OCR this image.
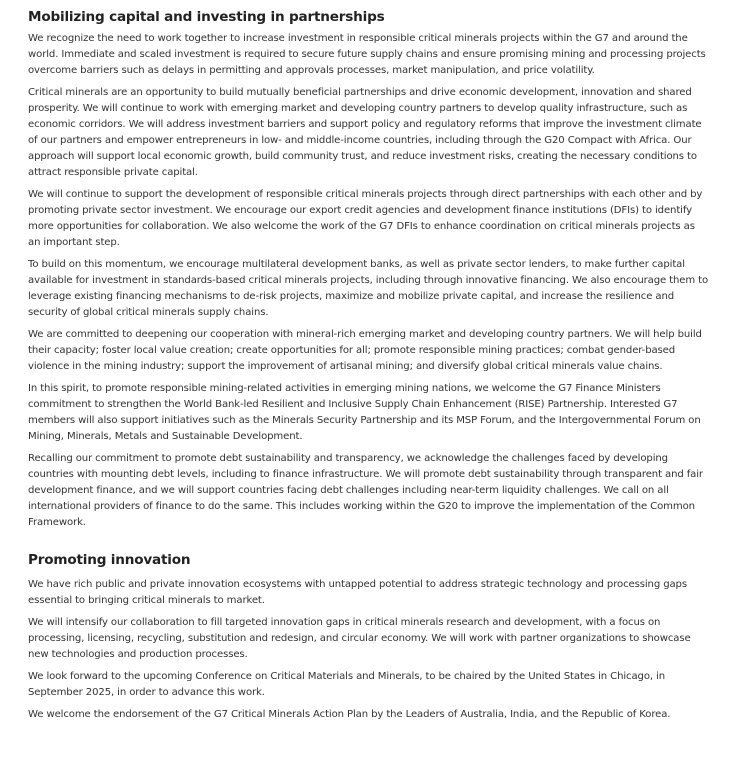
Mobilizing capital and investing in partnerships

We recognize the need to work together to increase investment in responsible critical minerals projects within the G7 and around the world. Immediate and scaled investment is required to secure future supply chains and ensure promising mining and processing projects overcome barriers such as delays in permitting and approvals processes, market manipulation, and price volatility.

Critical minerals are an opportunity to build mutually beneficial partnerships and drive economic development, innovation and shared prosperity. We will continue to work with emerging market and developing country partners to develop quality infrastructure, such as economic corridors. We will address investment barriers and support policy and regulatory reforms that improve the investment climate of our partners and empower entrepreneurs in low- and middle-income countries, including through the G20 Compact with Africa. Our approach will support local economic growth, build community trust, and reduce investment risks, creating the necessary conditions to attract responsible private capital.

We will continue to support the development of responsible critical minerals projects through direct partnerships with each other and by promoting private sector investment. We encourage our export credit agencies and development finance institutions (DFIs) to identify more opportunities for collaboration. We also welcome the work of the G7 DFIs to enhance coordination on critical minerals projects as an important step.

To build on this momentum, we encourage multilateral development banks, as well as private sector lenders, to make further capital available for investment in standards-based critical minerals projects, including through innovative financing. We also encourage them to leverage existing financing mechanisms to de-risk projects, maximize and mobilize private capital, and increase the resilience and security of global critical minerals supply chains.

We are committed to deepening our cooperation with mineral-rich emerging market and developing country partners. We will help build their capacity; foster local value creation; create opportunities for all; promote responsible mining practices; combat gender-based violence in the mining industry; support the improvement of artisanal mining; and diversify global critical minerals value chains.

In this spirit, to promote responsible mining-related activities in emerging mining nations, we welcome the G7 Finance Ministers commitment to strengthen the World Bank-led Resilient and Inclusive Supply Chain Enhancement (RISE) Partnership. Interested G7 members will also support initiatives such as the Minerals Security Partnership and its MSP Forum, and the Intergovernmental Forum on Mining, Minerals, Metals and Sustainable Development.

Recalling our commitment to promote debt sustainability and transparency, we acknowledge the challenges faced by developing countries with mounting debt levels, including to finance infrastructure. We will promote debt sustainability through transparent and fair development finance, and we will support countries facing debt challenges including near-term liquidity challenges. We call on all international providers of finance to do the same. This includes working within the G20 to improve the implementation of the Common Framework.

Promoting innovation

We have rich public and private innovation ecosystems with untapped potential to address strategic technology and processing gaps essential to bringing critical minerals to market.

We will intensify our collaboration to fill targeted innovation gaps in critical minerals research and development, with a focus on processing, licensing, recycling, substitution and redesign, and circular economy. We will work with partner organizations to showcase new technologies and production processes.

We look forward to the upcoming Conference on Critical Materials and Minerals, to be chaired by the United States in Chicago, in September 2025, in order to advance this work.

We welcome the endorsement of the G7 Critical Minerals Action Plan by the Leaders of Australia, India, and the Republic of Korea.
